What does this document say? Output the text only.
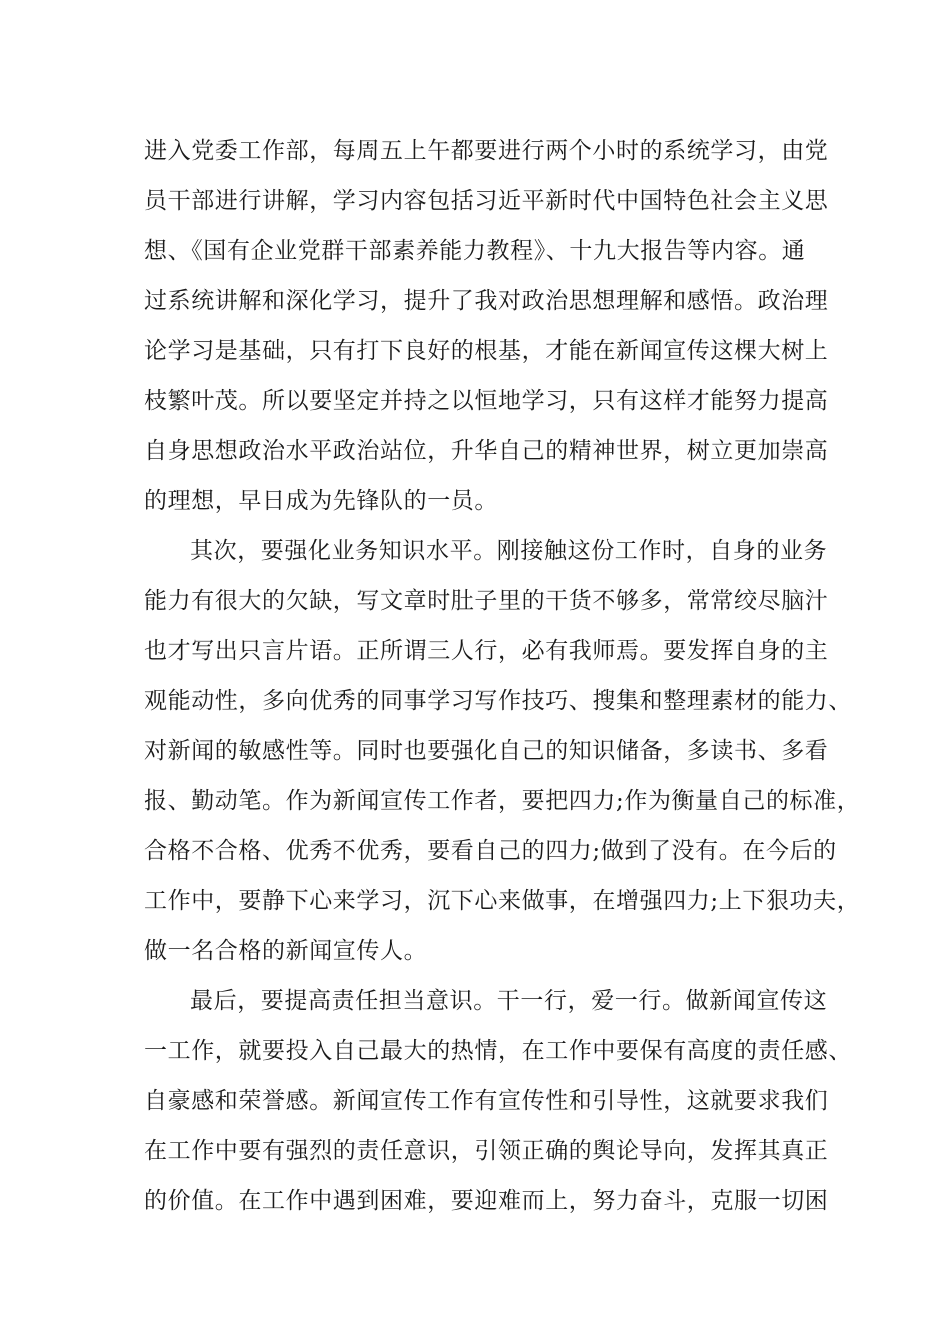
进入党委工作部，每周五上午都要进行两个小时的系统学习，由党
员干部进行讲解，学习内容包括习近平新时代中国特色社会主义思
想、《国有企业党群干部素养能力教程》、十九大报告等内容。通
过系统讲解和深化学习，提升了我对政治思想理解和感悟。政治理
论学习是基础，只有打下良好的根基，才能在新闻宣传这棵大树上
枝繁叶茂。所以要坚定并持之以恒地学习，只有这样才能努力提高
自身思想政治水平政治站位，升华自己的精神世界，树立更加崇高
的理想，早日成为先锋队的一员。
其次，要强化业务知识水平。刚接触这份工作时，自身的业务
能力有很大的欠缺，写文章时肚子里的干货不够多，常常绞尽脑汁
也才写出只言片语。正所谓三人行，必有我师焉。要发挥自身的主
观能动性，多向优秀的同事学习写作技巧、搜集和整理素材的能力、
对新闻的敏感性等。同时也要强化自己的知识储备，多读书、多看
报、勤动笔。作为新闻宣传工作者，要把四力;作为衡量自己的标准，
合格不合格、优秀不优秀，要看自己的四力;做到了没有。在今后的
工作中，要静下心来学习，沉下心来做事，在增强四力;上下狠功夫，
做一名合格的新闻宣传人。
最后，要提高责任担当意识。干一行，爱一行。做新闻宣传这
一工作，就要投入自己最大的热情，在工作中要保有高度的责任感、
自豪感和荣誉感。新闻宣传工作有宣传性和引导性，这就要求我们
在工作中要有强烈的责任意识，引领正确的舆论导向，发挥其真正
的价值。在工作中遇到困难，要迎难而上，努力奋斗，克服一切困
